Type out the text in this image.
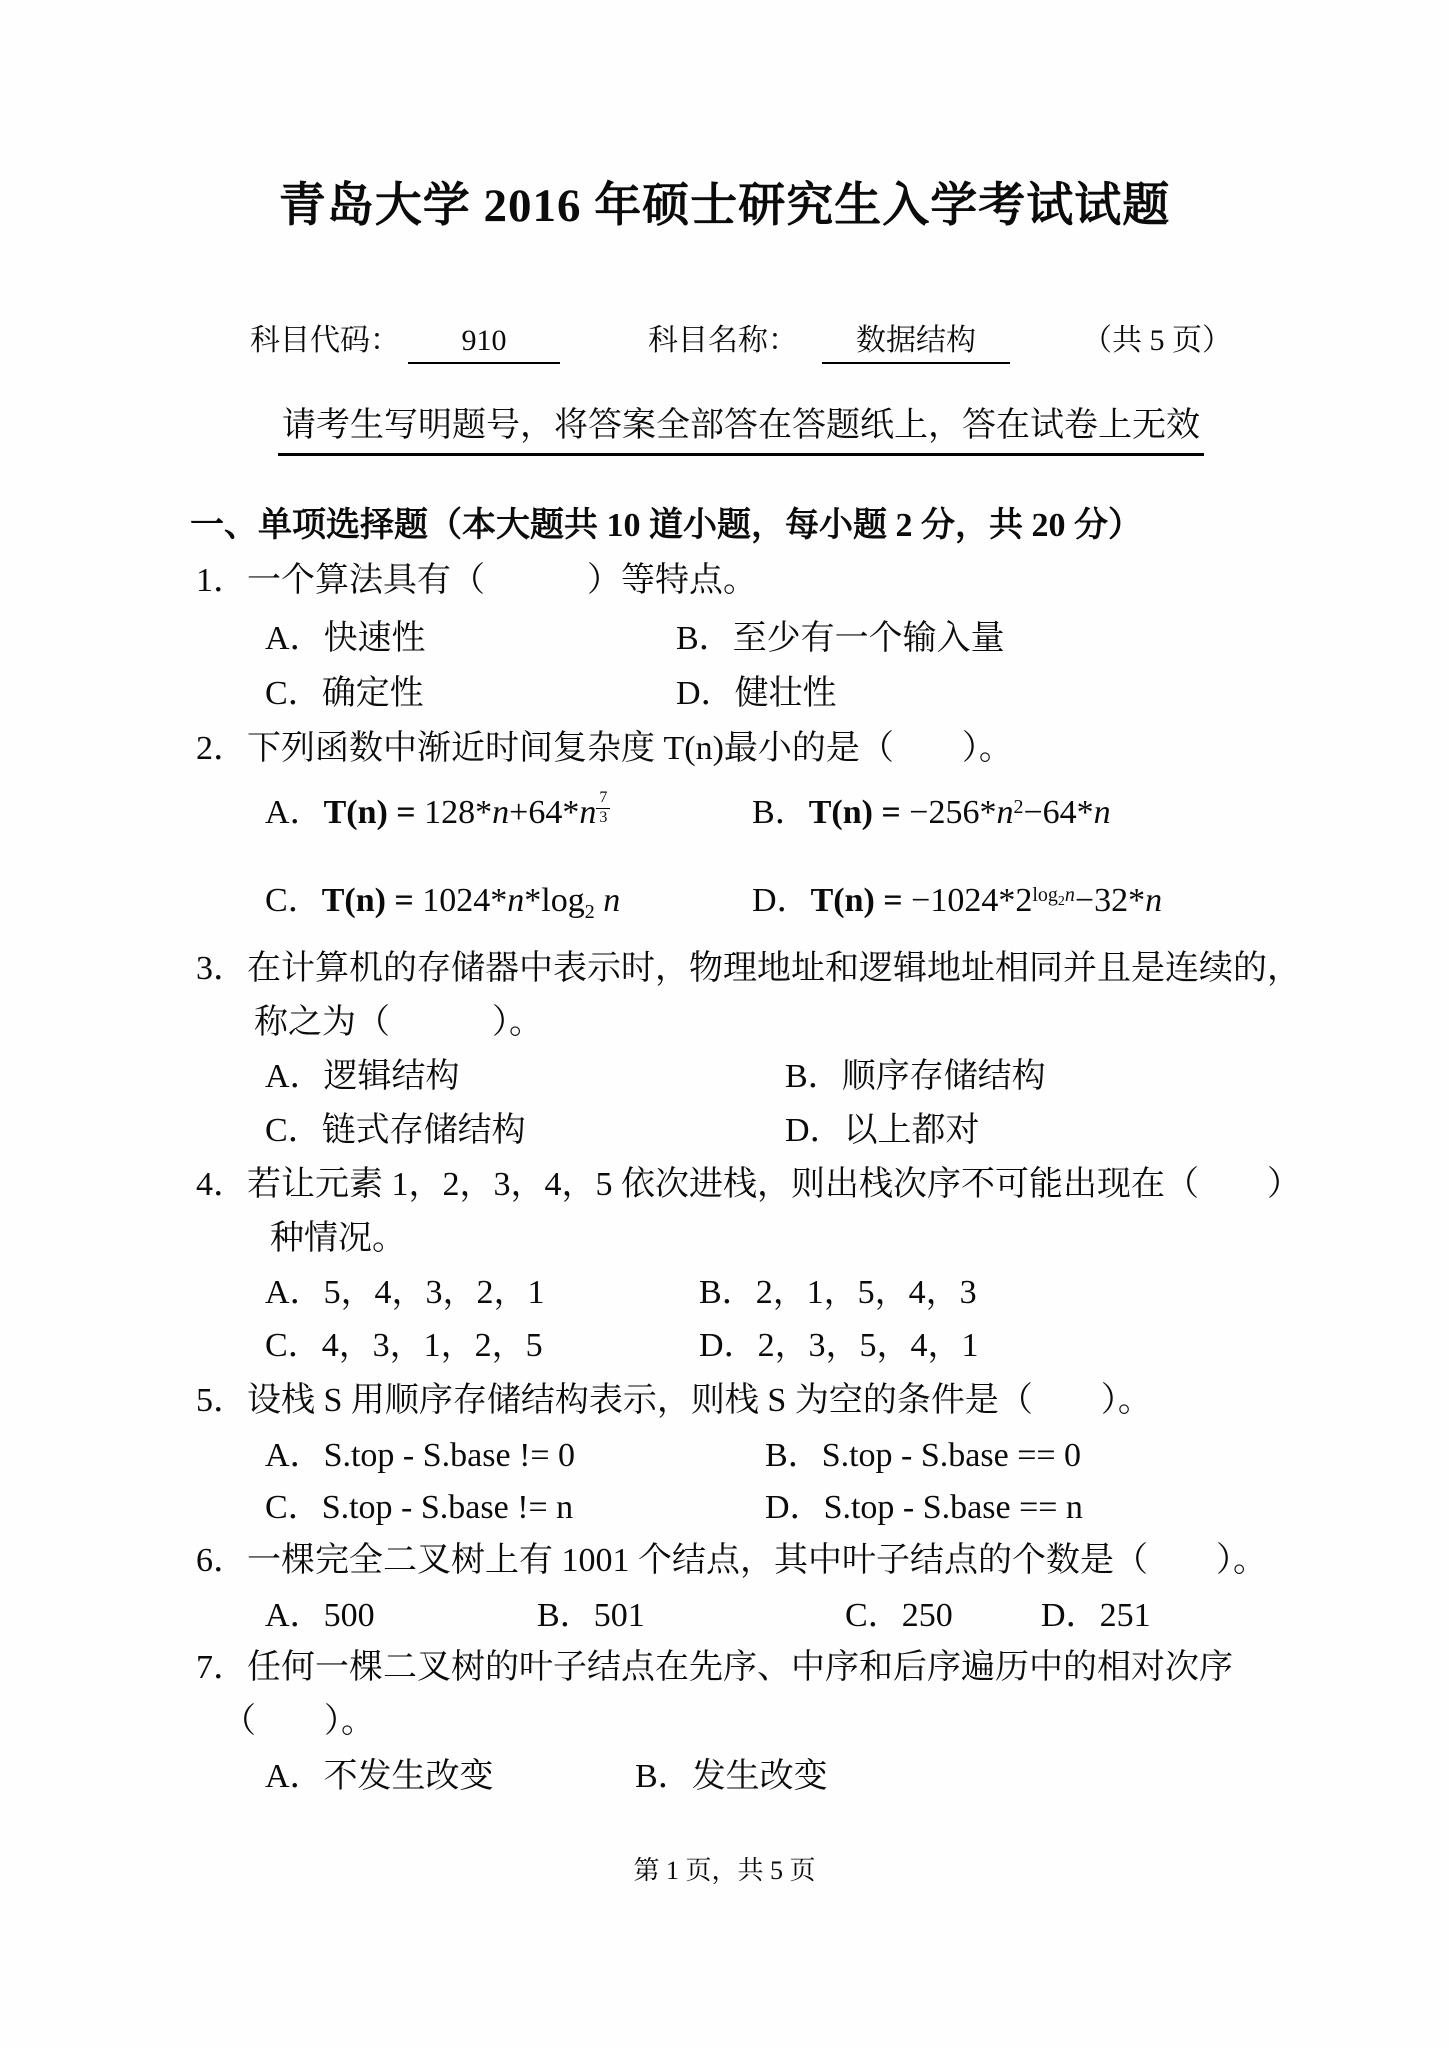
青岛大学 2016 年硕士研究生入学考试试题
科目代码：	910	科目名称：	数据结构	（共 5 页）
请考生写明题号，将答案全部答在答题纸上，答在试卷上无效
一、单项选择题（本大题共 10 道小题，每小题 2 分，共 20 分）
1．一个算法具有（　　　）等特点。
A．快速性	B．至少有一个输入量
C．确定性	D．健壮性
2．下列函数中渐近时间复杂度 T(n)最小的是（　　）。
A．T(n) = 128*n+64*n $^{\frac{7}{3}}$	B．$T(n) = -256*n^2-64*n$
C．$T(n) = 1024*n*\log_2$ n	D．$T(n) = -1024*2^{log_2n}-32*n$
3．在计算机的存储器中表示时，物理地址和逻辑地址相同并且是连续的，
称之为（　　　）。
A．逻辑结构	B．顺序存储结构
C．链式存储结构	D．以上都对
4．若让元素 1，2，3，4，5 依次进栈，则出栈次序不可能出现在（　　）
种情况。
A．5，4，3，2，1	B．2，1，5，4，3
C．4，3，1，2，5	D．2，3，5，4，1
5．设栈 S 用顺序存储结构表示，则栈 S 为空的条件是（　　）。
A．S.top - S.base != 0	B．S.top - S.base == 0
C．S.top - S.base != n	D．S.top - S.base == n
6．一棵完全二叉树上有 1001 个结点，其中叶子结点的个数是（　　）。
A．500	B．501	C．250	D．251
7．任何一棵二叉树的叶子结点在先序、中序和后序遍历中的相对次序
（　　）。
A．不发生改变	B．发生改变
第 1 页，共 5 页
